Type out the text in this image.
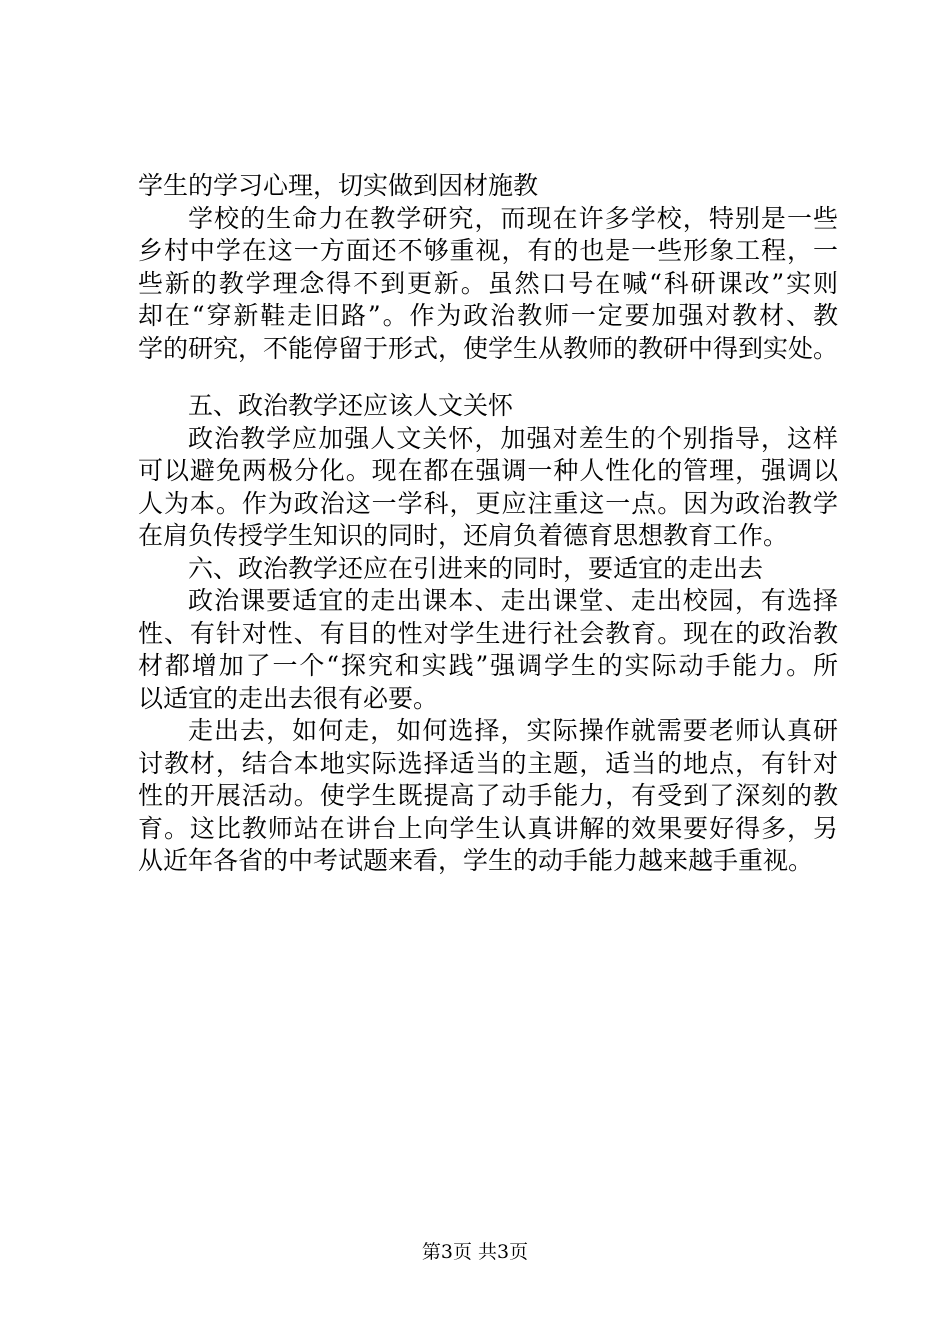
学生的学习心理，切实做到因材施教
学校的生命力在教学研究，而现在许多学校，特别是一些
乡村中学在这一方面还不够重视，有的也是一些形象工程，一
些新的教学理念得不到更新。虽然口号在喊“科研课改”实则
却在“穿新鞋走旧路”。作为政治教师一定要加强对教材、教
学的研究，不能停留于形式，使学生从教师的教研中得到实处。
五、政治教学还应该人文关怀
政治教学应加强人文关怀，加强对差生的个别指导，这样
可以避免两极分化。现在都在强调一种人性化的管理，强调以
人为本。作为政治这一学科，更应注重这一点。因为政治教学
在肩负传授学生知识的同时，还肩负着德育思想教育工作。
六、政治教学还应在引进来的同时，要适宜的走出去
政治课要适宜的走出课本、走出课堂、走出校园，有选择
性、有针对性、有目的性对学生进行社会教育。现在的政治教
材都增加了一个“探究和实践”强调学生的实际动手能力。所
以适宜的走出去很有必要。
走出去，如何走，如何选择，实际操作就需要老师认真研
讨教材，结合本地实际选择适当的主题，适当的地点，有针对
性的开展活动。使学生既提高了动手能力，有受到了深刻的教
育。这比教师站在讲台上向学生认真讲解的效果要好得多，另
从近年各省的中考试题来看，学生的动手能力越来越手重视。
第3页 共3页
